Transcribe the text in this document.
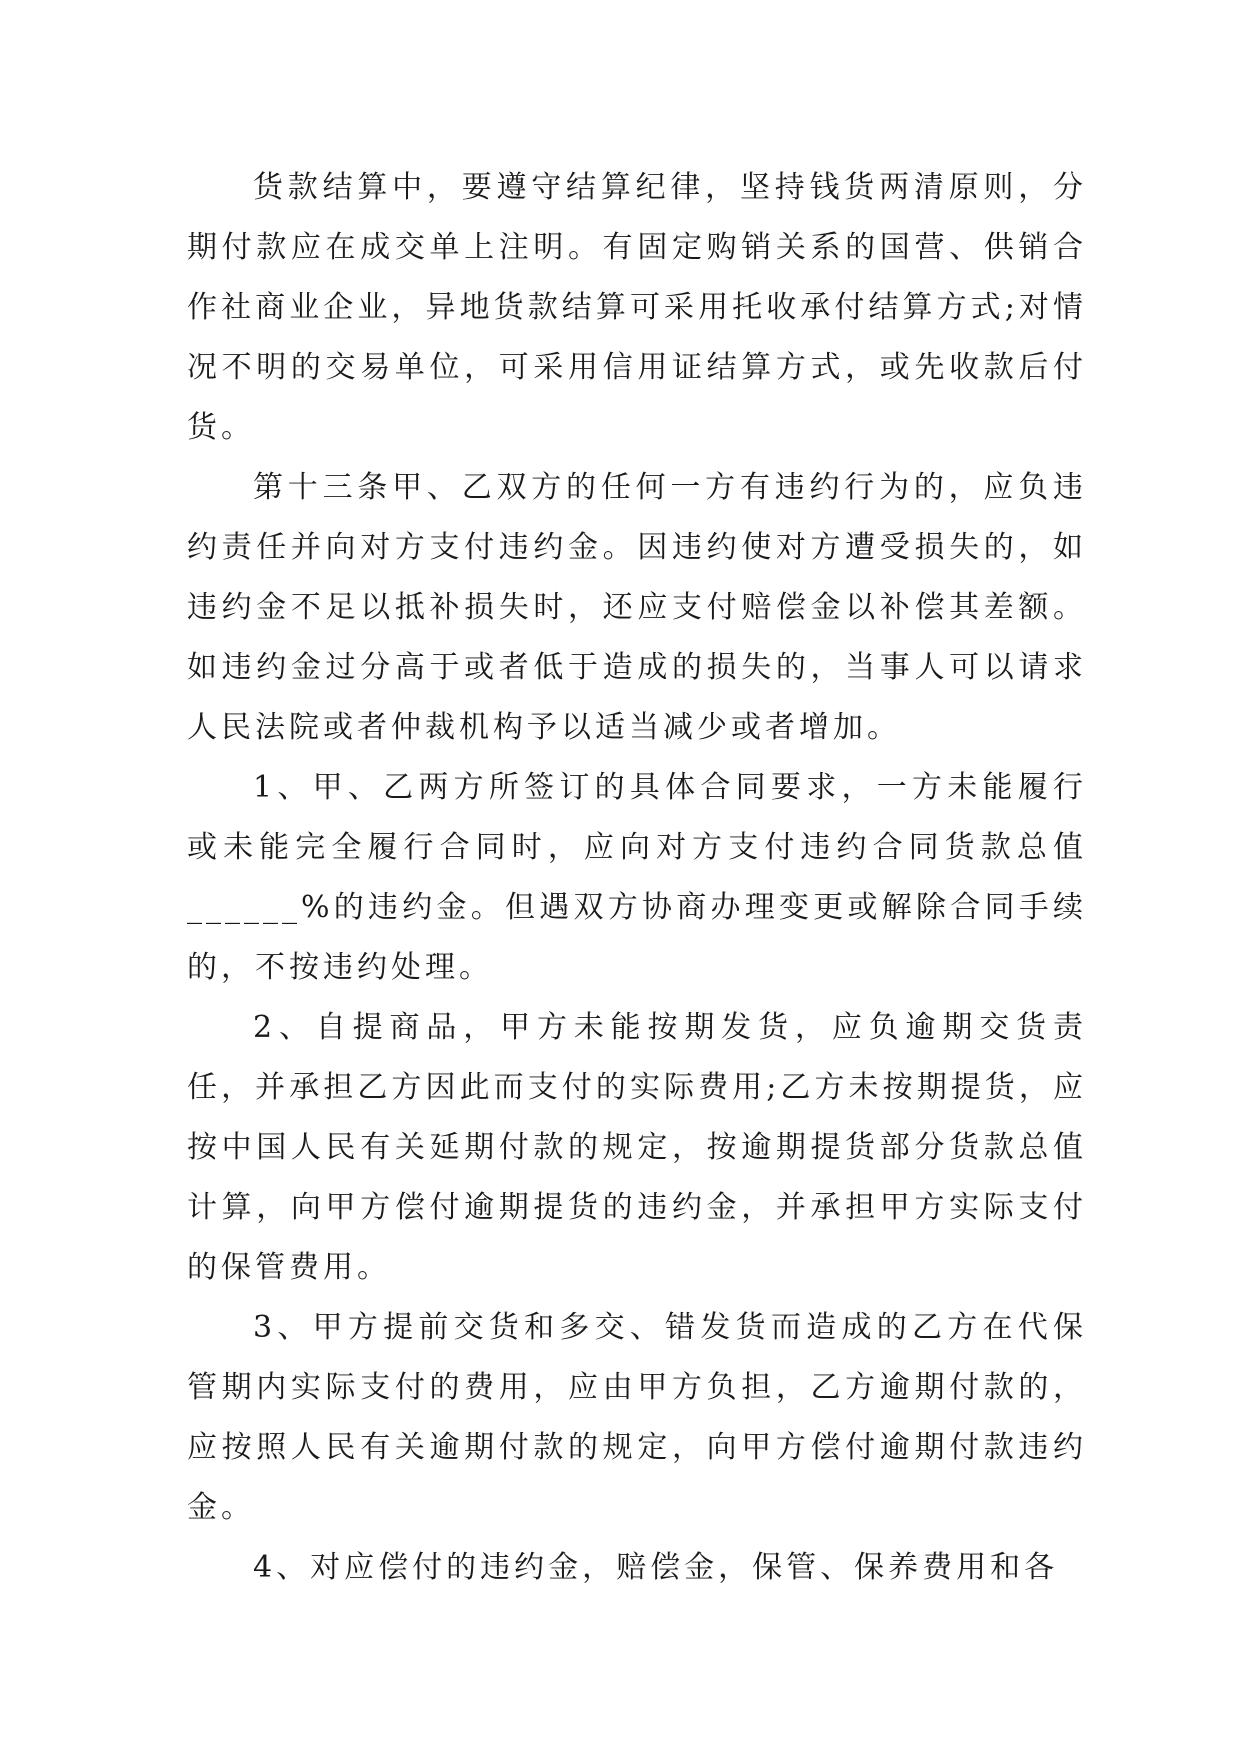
货款结算中，要遵守结算纪律，坚持钱货两清原则，分期付款应在成交单上注明。有固定购销关系的国营、供销合作社商业企业，异地货款结算可采用托收承付结算方式;对情况不明的交易单位，可采用信用证结算方式，或先收款后付货。

第十三条甲、乙双方的任何一方有违约行为的，应负违约责任并向对方支付违约金。因违约使对方遭受损失的，如违约金不足以抵补损失时，还应支付赔偿金以补偿其差额。如违约金过分高于或者低于造成的损失的，当事人可以请求人民法院或者仲裁机构予以适当减少或者增加。

1、甲、乙两方所签订的具体合同要求，一方未能履行或未能完全履行合同时，应向对方支付违约合同货款总值______%的违约金。但遇双方协商办理变更或解除合同手续的，不按违约处理。

2、自提商品，甲方未能按期发货，应负逾期交货责任，并承担乙方因此而支付的实际费用;乙方未按期提货，应按中国人民有关延期付款的规定，按逾期提货部分货款总值计算，向甲方偿付逾期提货的违约金，并承担甲方实际支付的保管费用。

3、甲方提前交货和多交、错发货而造成的乙方在代保管期内实际支付的费用，应由甲方负担，乙方逾期付款的，应按照人民有关逾期付款的规定，向甲方偿付逾期付款违约金。

4、对应偿付的违约金，赔偿金，保管、保养费用和各
